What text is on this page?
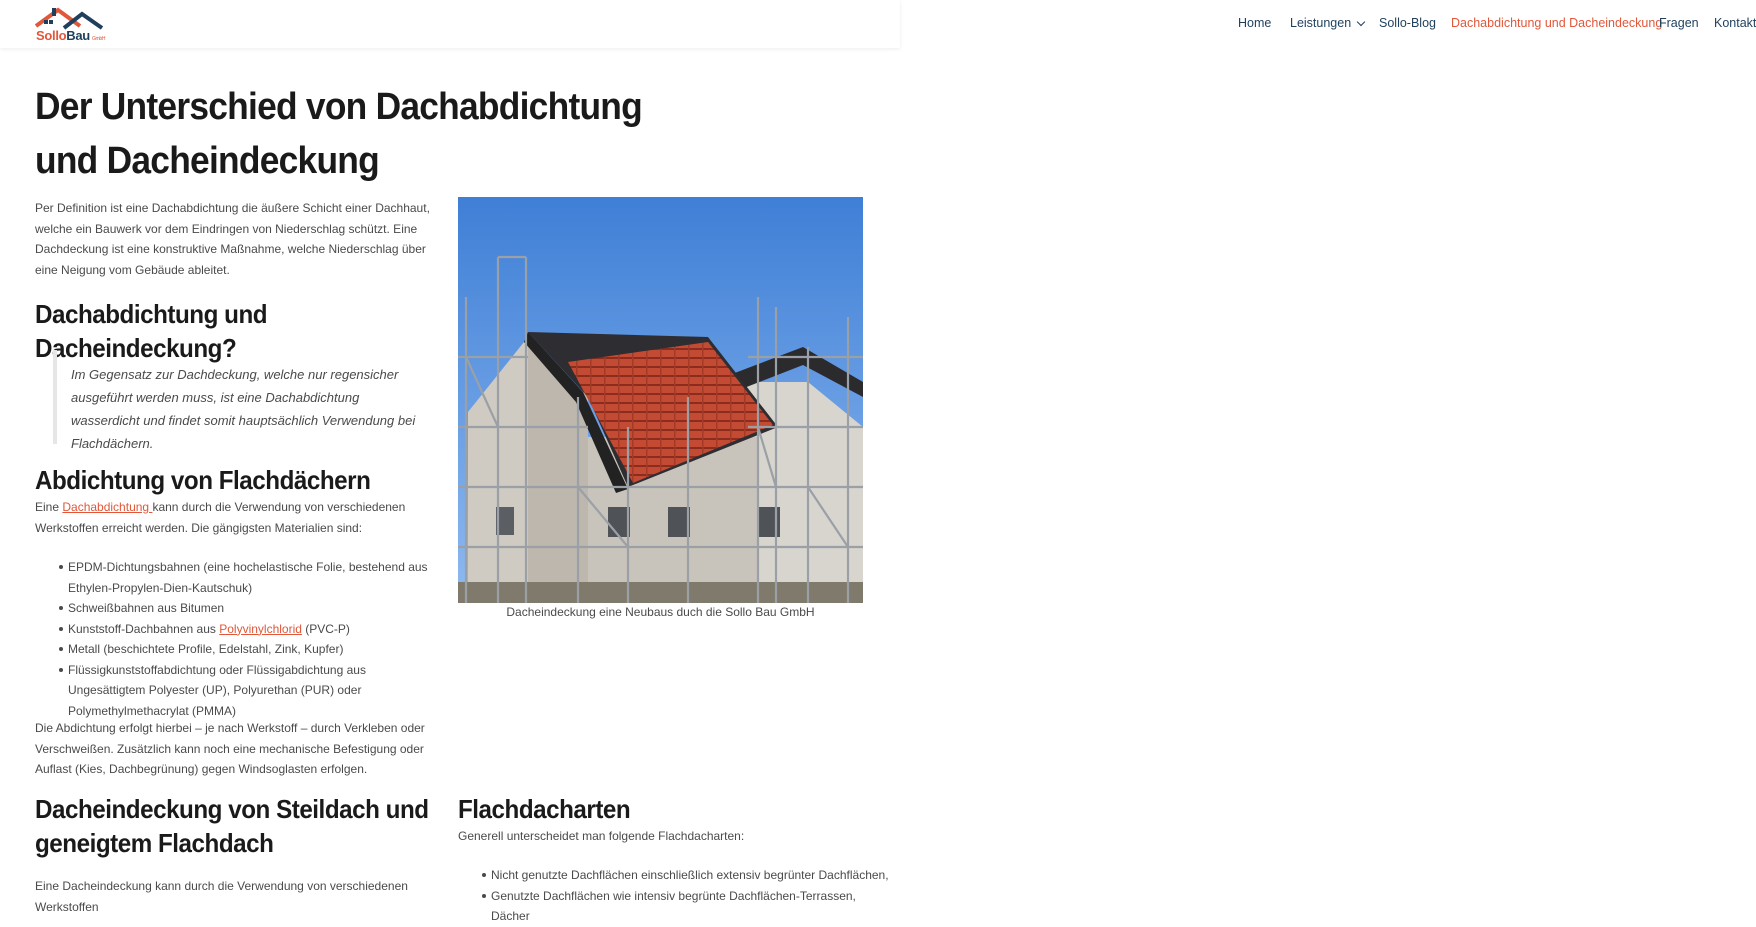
SolloBau GmbH
Home Leistungen	Sollo-Blog Dachabdichtung und Dacheindeckung
Fragen Kontakt
Der Unterschied von Dachabdichtung und Dacheindeckung

Per Definition ist eine Dachabdichtung die äußere Schicht einer Dachhaut, welche ein Bauwerk vor dem Eindringen von Niederschlag schützt. Eine Dachdeckung ist eine konstruktive Maßnahme, welche Niederschlag über eine Neigung vom Gebäude ableitet.

Dachabdichtung und Dacheindeckung?

Im Gegensatz zur Dachdeckung, welche nur regensicher ausgeführt werden muss, ist eine Dachabdichtung wasserdicht und findet somit hauptsächlich Verwendung bei Flachdächern.

Abdichtung von Flachdächern

Eine Dachabdichtung kann durch die Verwendung von verschiedenen Werkstoffen erreicht werden. Die gängigsten Materialien sind:

EPDM-Dichtungsbahnen (eine hochelastische Folie, bestehend aus Ethylen-Propylen-Dien-Kautschuk)
Schweißbahnen aus Bitumen
Kunststoff-Dachbahnen aus Polyvinylchlorid (PVC-P)
Metall (beschichtete Profile, Edelstahl, Zink, Kupfer)
Flüssigkunststoffabdichtung oder Flüssigabdichtung aus Ungesättigtem Polyester (UP), Polyurethan (PUR) oder Polymethylmethacrylat (PMMA)

Die Abdichtung erfolgt hierbei – je nach Werkstoff – durch Verkleben oder Verschweißen. Zusätzlich kann noch eine mechanische Befestigung oder Auflast (Kies, Dachbegrünung) gegen Windsoglasten erfolgen.

Dacheindeckung von Steildach und geneigtem Flachdach

Eine Dacheindeckung kann durch die Verwendung von verschiedenen Werkstoffen

Dacheindeckung eine Neubaus duch die Sollo Bau GmbH
Flachdacharten

Generell unterscheidet man folgende Flachdacharten:

Nicht genutzte Dachflächen einschließlich extensiv begrünter Dachflächen,
Genutzte Dachflächen wie intensiv begrünte Dachflächen-Terrassen, Dächer
